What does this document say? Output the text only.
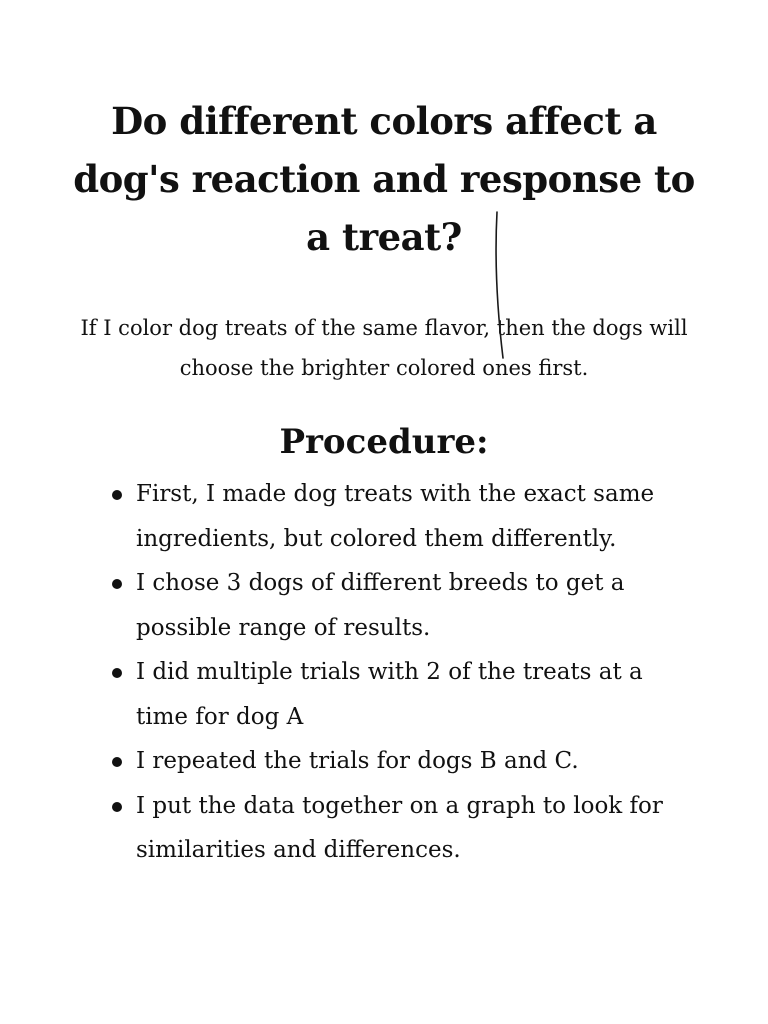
Do different colors affect a dog's reaction and response to a treat?

If I color dog treats of the same flavor, then the dogs will choose the brighter colored ones first.

Procedure:
First, I made dog treats with the exact same ingredients, but colored them differently.
I chose 3 dogs of different breeds to get a possible range of results.
I did multiple trials with 2 of the treats at a time for dog A
I repeated the trials for dogs B and C.
I put the data together on a graph to look for similarities and differences.
